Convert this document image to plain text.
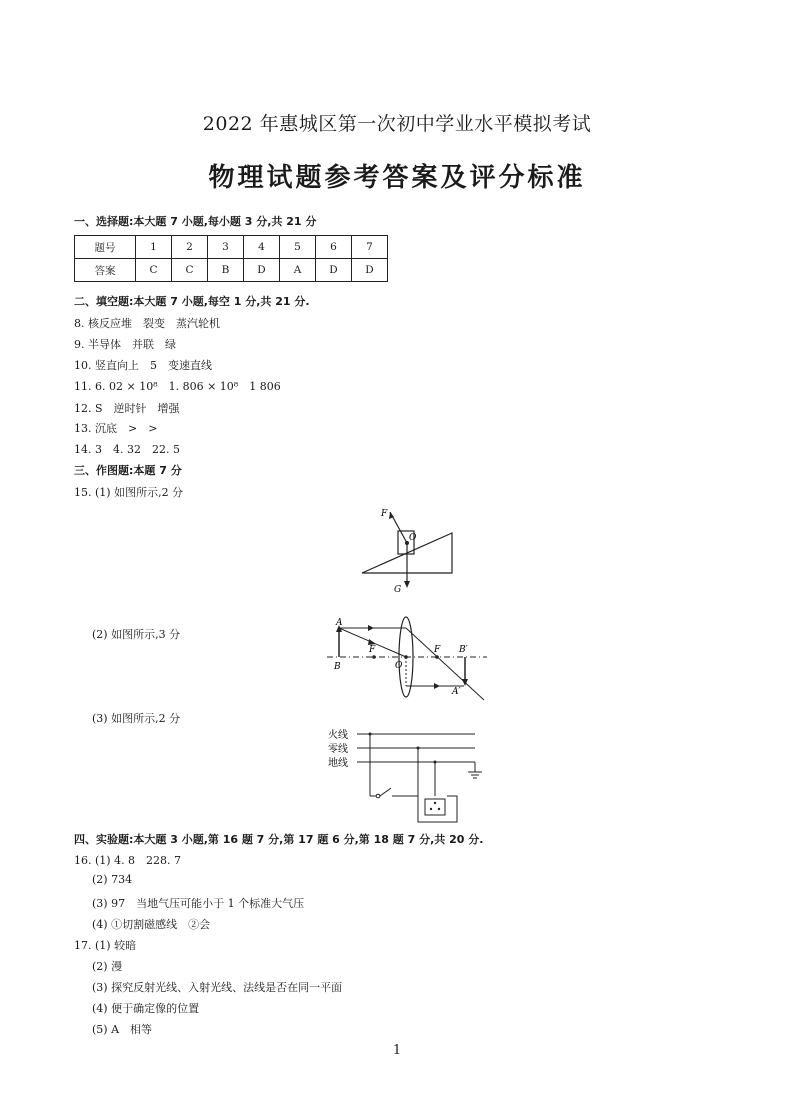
2022 年惠城区第一次初中学业水平模拟考试
物理试题参考答案及评分标准
一、选择题:本大题 7 小题,每小题 3 分,共 21 分
题号	1	2	3	4	5	6	7
答案	C	C	B	D	A	D	D
二、填空题:本大题 7 小题,每空 1 分,共 21 分.
8. 核反应堆　裂变　蒸汽轮机
9. 半导体　并联　绿
10. 竖直向上　5　变速直线
11. 6. 02 × 10⁸　1. 806 × 10⁸　1 806
12. S　逆时针　增强
13. 沉底　>　>
14. 3　4. 32　22. 5
三、作图题:本题 7 分
15. (1) 如图所示,2 分
F
O
G
(2) 如图所示,3 分
A
B
F
O
F B′
A′
(3) 如图所示,2 分
火线
零线
地线
四、实验题:本大题 3 小题,第 16 题 7 分,第 17 题 6 分,第 18 题 7 分,共 20 分.
16. (1) 4. 8　228. 7
(2) 734
(3) 97　当地气压可能小于 1 个标准大气压
(4) ①切割磁感线　②会
17. (1) 较暗
(2) 漫
(3) 探究反射光线、入射光线、法线是否在同一平面
(4) 便于确定像的位置
(5) A　相等
1
